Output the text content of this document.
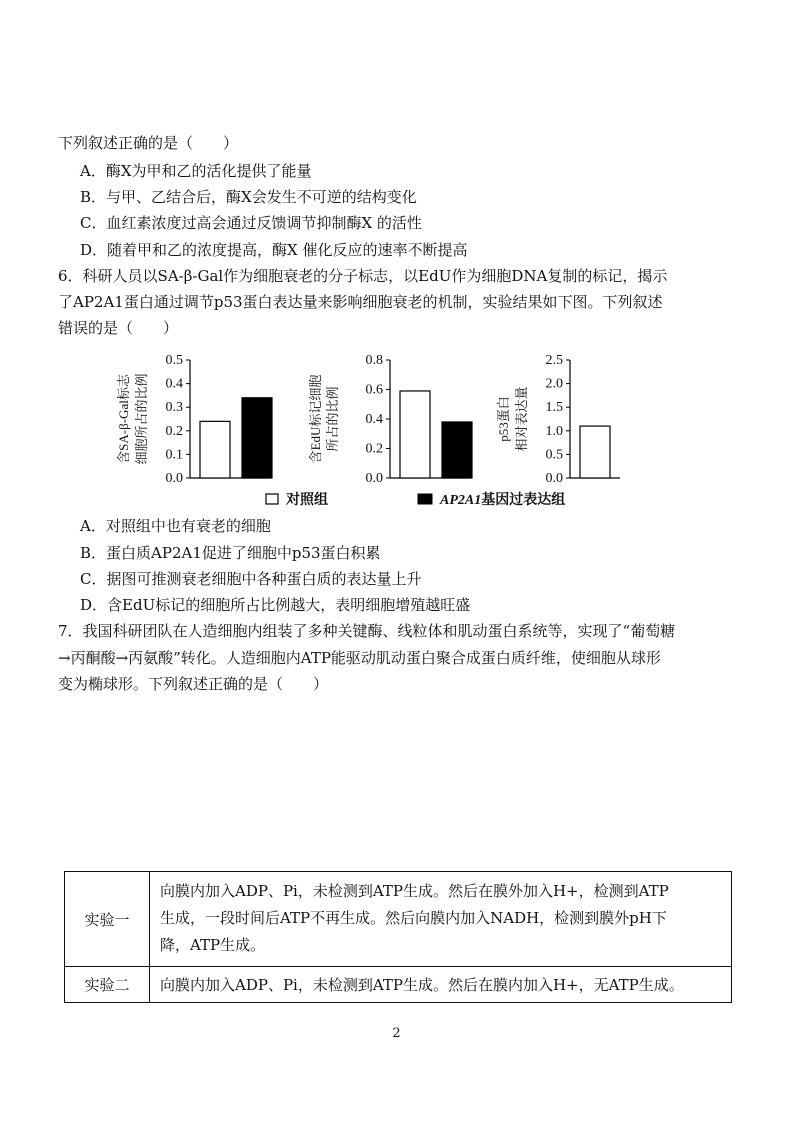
下列叙述正确的是（　　）
A．酶X为甲和乙的活化提供了能量
B．与甲、乙结合后，酶X会发生不可逆的结构变化
C．血红素浓度过高会通过反馈调节抑制酶X 的活性
D．随着甲和乙的浓度提高，酶X 催化反应的速率不断提高
6．科研人员以SA-β-Gal作为细胞衰老的分子标志，以EdU作为细胞DNA复制的标记，揭示
了AP2A1蛋白通过调节p53蛋白表达量来影响细胞衰老的机制，实验结果如下图。下列叙述
错误的是（　　）
0.5
0.4
0.3
0.2
0.1
0.0
含SA-β-Gal标志 细胞所占的比例
0.8
0.6
0.4
0.2
0.0
含EdU标记细胞 所占的比例
2.5
2.0
1.5
1.0
0.5
0.0
p53蛋白 相对表达量
对照组	AP2A1基因过表达组
A．对照组中也有衰老的细胞
B．蛋白质AP2A1促进了细胞中p53蛋白积累
C．据图可推测衰老细胞中各种蛋白质的表达量上升
D．含EdU标记的细胞所占比例越大，表明细胞增殖越旺盛
7．我国科研团队在人造细胞内组装了多种关键酶、线粒体和肌动蛋白系统等，实现了“葡萄糖
→丙酮酸→丙氨酸”转化。人造细胞内ATP能驱动肌动蛋白聚合成蛋白质纤维，使细胞从球形
变为椭球形。下列叙述正确的是（　　）
实验一
向膜内加入ADP、Pi，未检测到ATP生成。然后在膜外加入H+，检测到ATP
生成，一段时间后ATP不再生成。然后向膜内加入NADH，检测到膜外pH下
降，ATP生成。
实验二	向膜内加入ADP、Pi，未检测到ATP生成。然后在膜内加入H+，无ATP生成。
2
